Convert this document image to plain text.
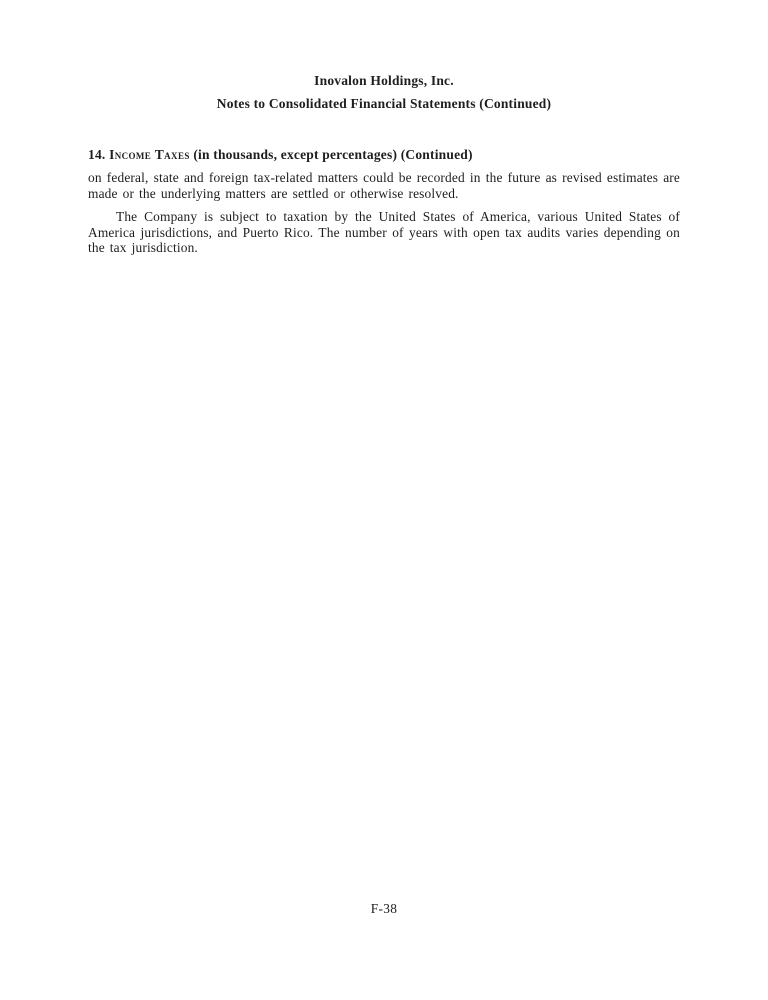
Inovalon Holdings, Inc.
Notes to Consolidated Financial Statements (Continued)
14. Income Taxes (in thousands, except percentages) (Continued)

on federal, state and foreign tax-related matters could be recorded in the future as revised estimates are made or the underlying matters are settled or otherwise resolved.

The Company is subject to taxation by the United States of America, various United States of America jurisdictions, and Puerto Rico. The number of years with open tax audits varies depending on the tax jurisdiction.

F-38
